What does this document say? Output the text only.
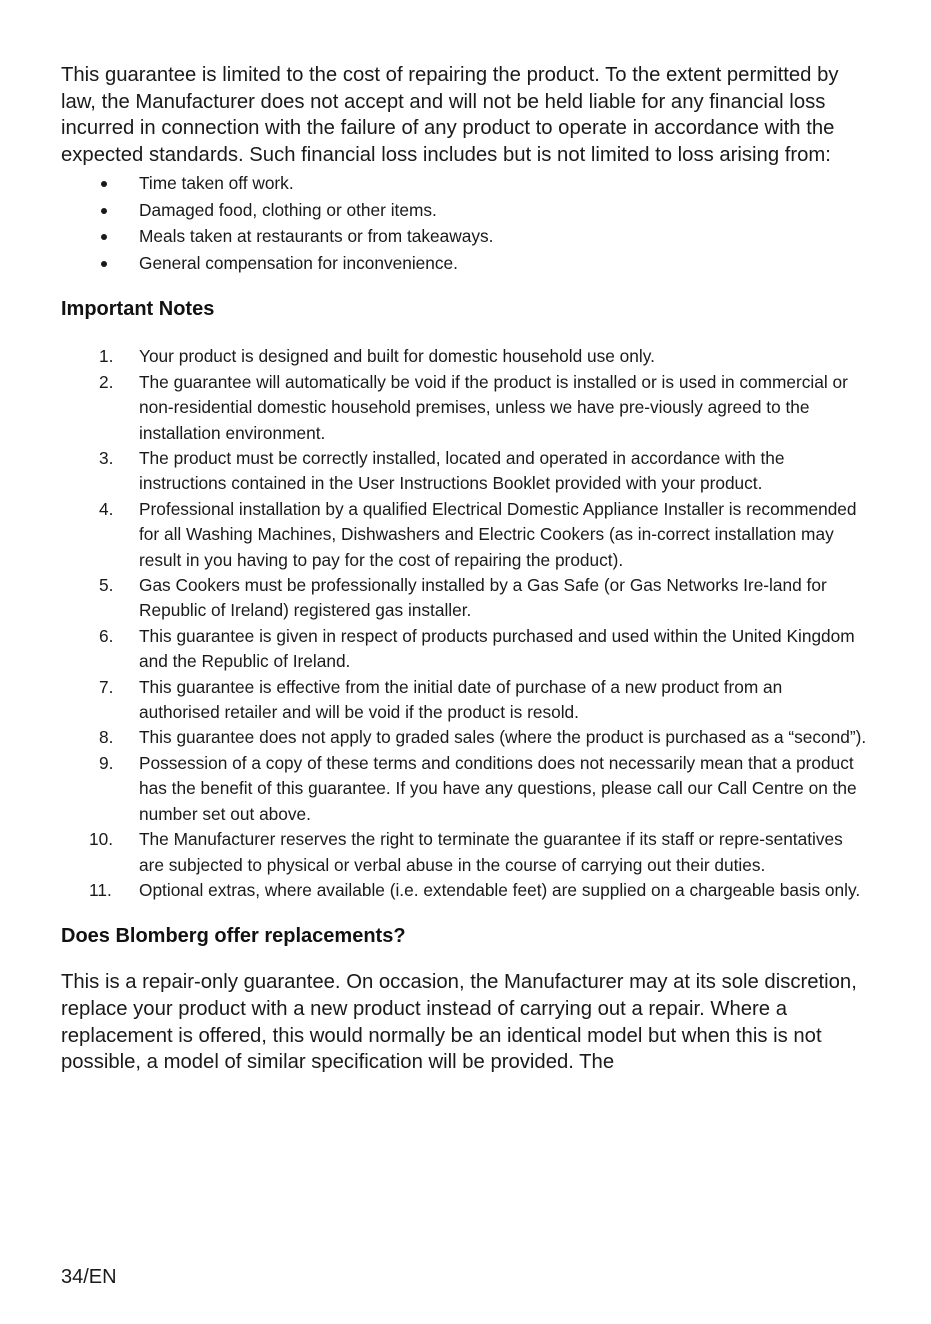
This guarantee is limited to the cost of repairing the product. To the extent permitted by law, the Manufacturer does not accept and will not be held liable for any financial loss incurred in connection with the failure of any product to operate in accordance with the expected standards. Such financial loss includes but is not limited to loss arising from:

Time taken off work.
Damaged food, clothing or other items.
Meals taken at restaurants or from takeaways.
General compensation for inconvenience.
Important Notes
1.	Your product is designed and built for domestic household use only.
2.	The guarantee will automatically be void if the product is installed or is used in commercial or non-residential domestic household premises, unless we have pre-viously agreed to the installation environment.
3.	The product must be correctly installed, located and operated in accordance with the instructions contained in the User Instructions Booklet provided with your product.
4.	Professional installation by a qualified Electrical Domestic Appliance Installer is recommended for all Washing Machines, Dishwashers and Electric Cookers (as in-correct installation may result in you having to pay for the cost of repairing the product).
5.	Gas Cookers must be professionally installed by a Gas Safe (or Gas Networks Ire-land for Republic of Ireland) registered gas installer.
6.	This guarantee is given in respect of products purchased and used within the United Kingdom and the Republic of Ireland.
7.	This guarantee is effective from the initial date of purchase of a new product from an authorised retailer and will be void if the product is resold.
8.	This guarantee does not apply to graded sales (where the product is purchased as a “second”).
9.	Possession of a copy of these terms and conditions does not necessarily mean that a product has the benefit of this guarantee. If you have any questions, please call our Call Centre on the number set out above.
10.	The Manufacturer reserves the right to terminate the guarantee if its staff or repre-sentatives are subjected to physical or verbal abuse in the course of carrying out their duties.
11.	Optional extras, where available (i.e. extendable feet) are supplied on a chargeable basis only.
Does Blomberg offer replacements?

This is a repair-only guarantee. On occasion, the Manufacturer may at its sole discretion, replace your product with a new product instead of carrying out a repair. Where a replacement is offered, this would normally be an identical model but when this is not possible, a model of similar specification will be provided. The

34/EN
